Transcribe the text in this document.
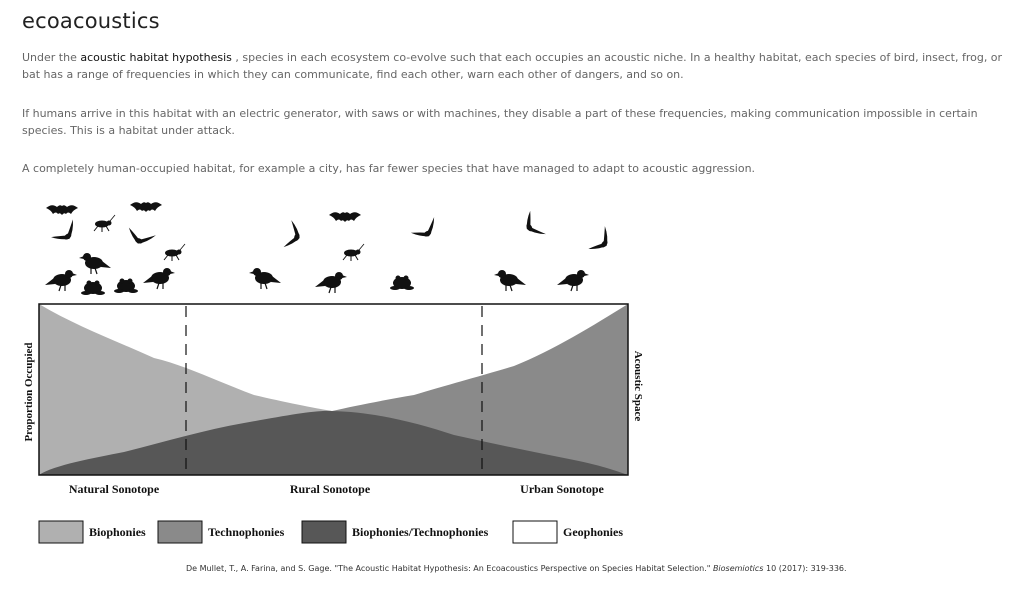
ecoacoustics

Under the acoustic habitat hypothesis , species in each ecosystem co-evolve such that each occupies an acoustic niche. In a healthy habitat, each species of bird, insect, frog, or bat has a range of frequencies in which they can communicate, find each other, warn each other of dangers, and so on.

If humans arrive in this habitat with an electric generator, with saws or with machines, they disable a part of these frequencies, making communication impossible in certain species. This is a habitat under attack.

A completely human-occupied habitat, for example a city, has far fewer species that have managed to adapt to acoustic aggression.

Proportion Occupied	Acoustic Space
Natural Sonotope	Rural Sonotope	Urban Sonotope
Biophonies	Technophonies	Biophonies/Technophonies	Geophonies
De Mullet, T., A. Farina, and S. Gage. "The Acoustic Habitat Hypothesis: An Ecoacoustics Perspective on Species Habitat Selection." Biosemiotics 10 (2017): 319-336.
